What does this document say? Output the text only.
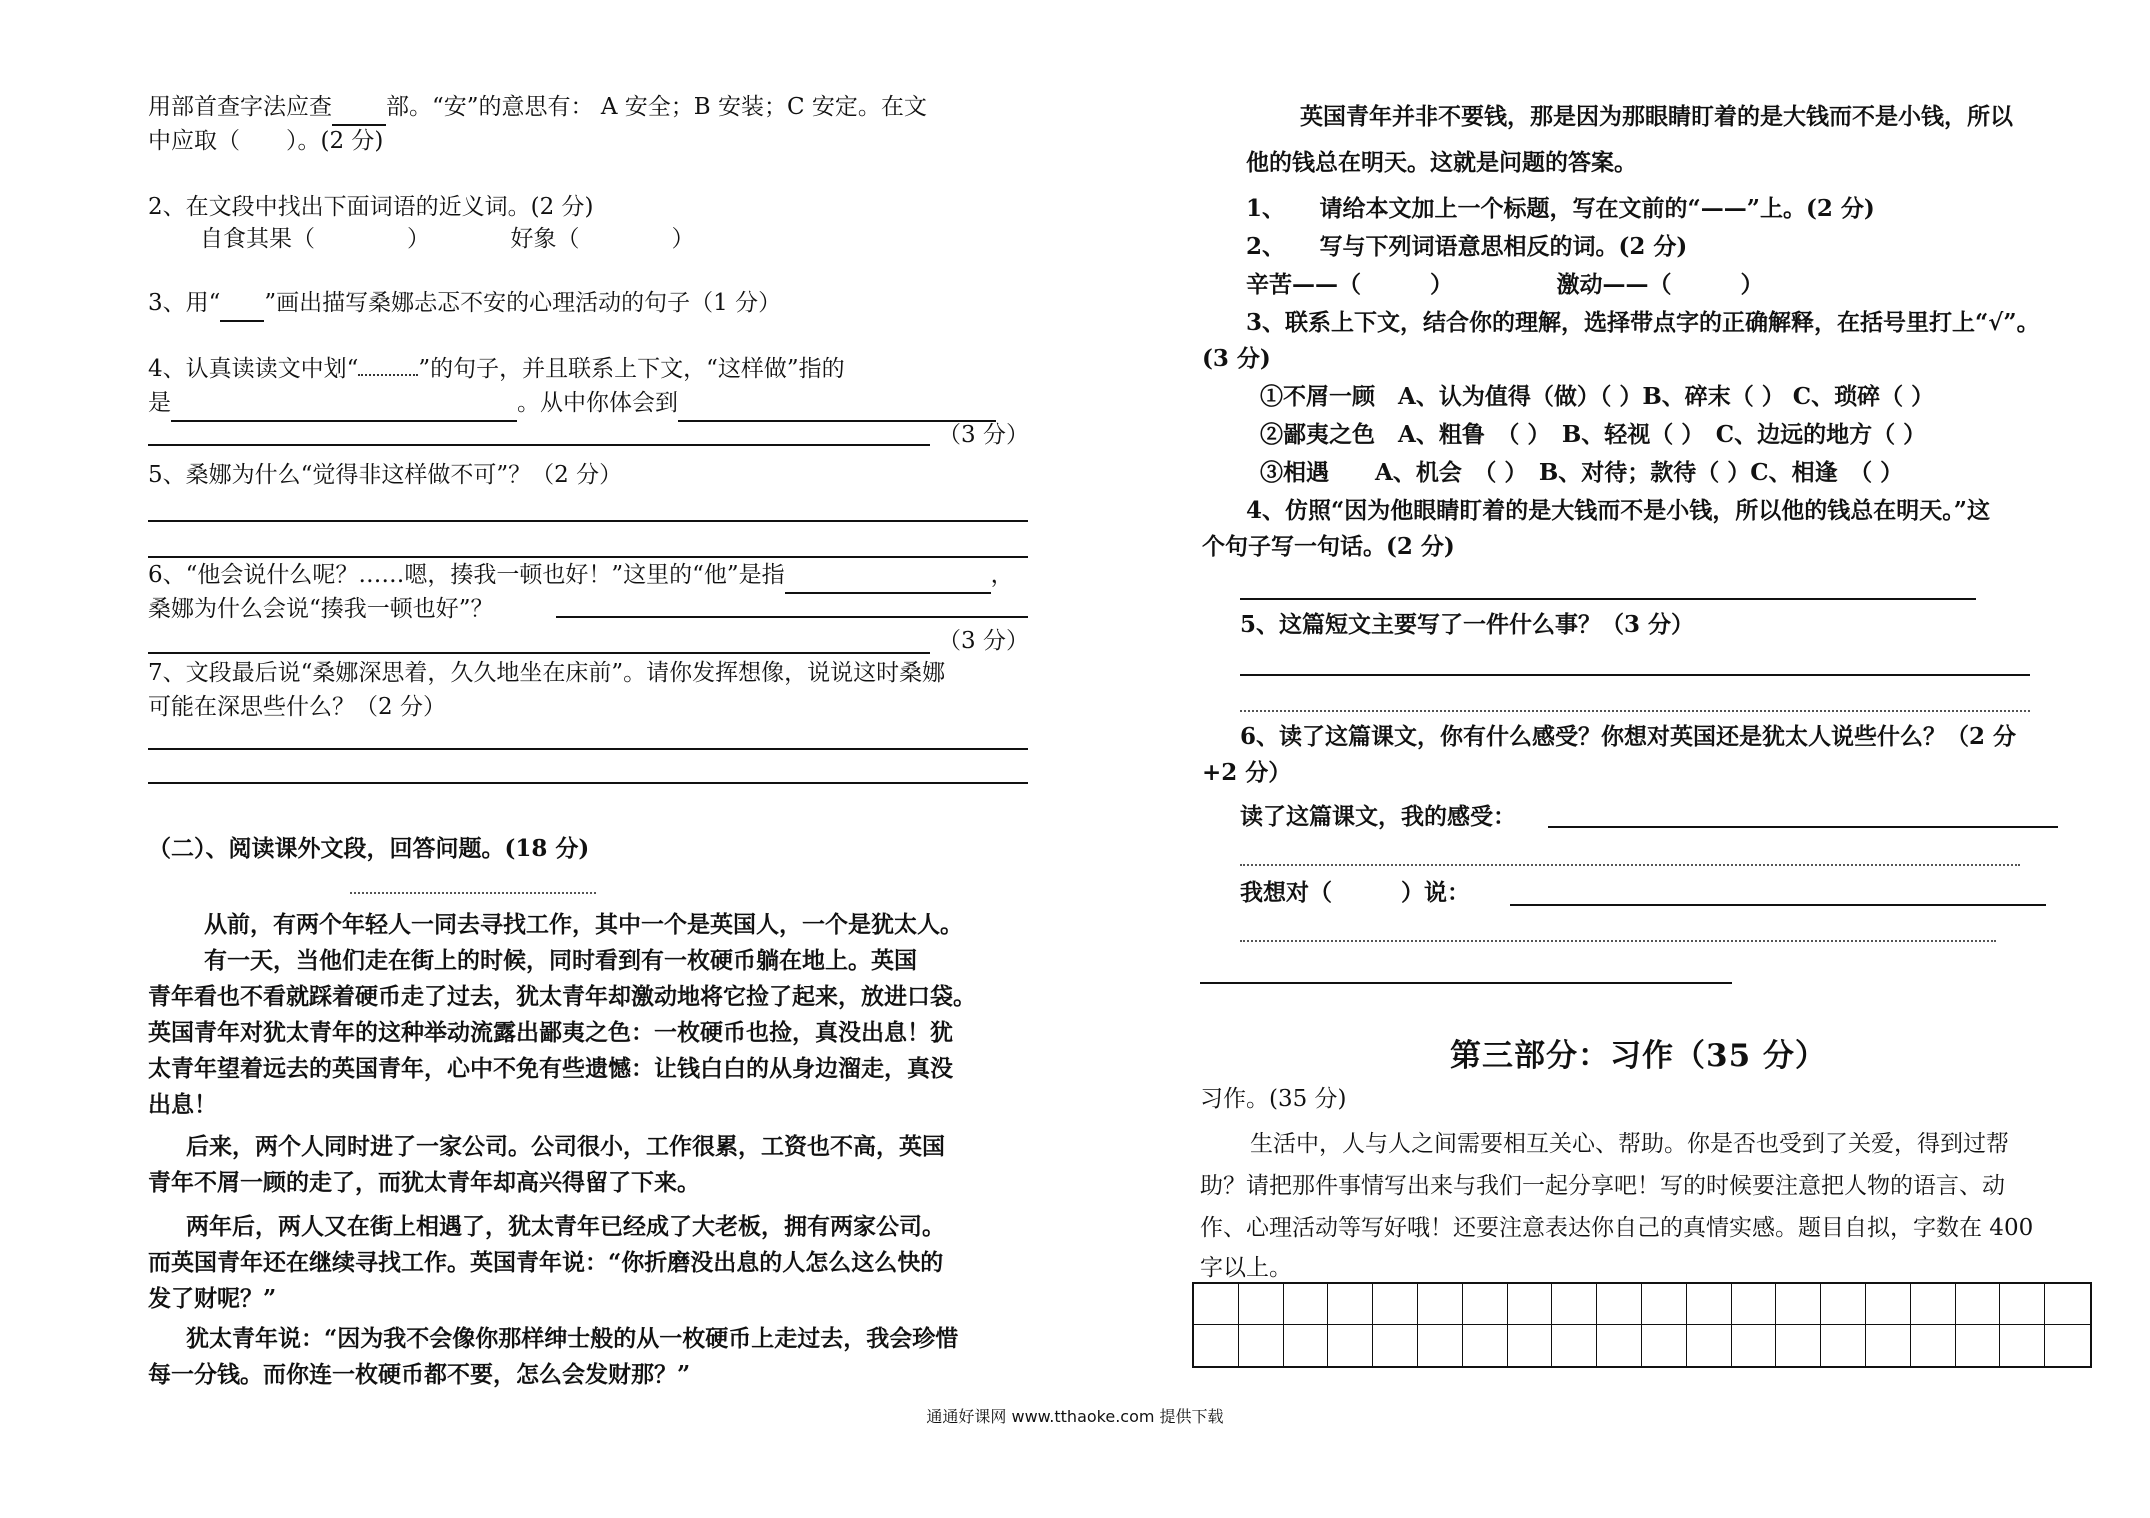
用部首查字法应查 部。“安”的意思有： A 安全；B 安装；C 安定。在文
中应取（　　）。(2 分)
2、在文段中找出下面词语的近义词。(2 分)
自食其果（　　　　）　　　　好象（　　　　）
3、用“ ”画出描写桑娜忐忑不安的心理活动的句子（1 分）
4、认真读读文中划“	”的句子，并且联系上下文，“这样做”指的
是	。从中你体会到
（3 分）
5、桑娜为什么“觉得非这样做不可”？（2 分）
6、“他会说什么呢？……嗯，揍我一顿也好！”这里的“他”是指	，
桑娜为什么会说“揍我一顿也好”？
（3 分）
7、文段最后说“桑娜深思着，久久地坐在床前”。请你发挥想像，说说这时桑娜
可能在深思些什么？（2 分）
（二）、阅读课外文段，回答问题。(18 分)
从前，有两个年轻人一同去寻找工作，其中一个是英国人，一个是犹太人。
有一天，当他们走在街上的时候，同时看到有一枚硬币躺在地上。英国
青年看也不看就踩着硬币走了过去，犹太青年却激动地将它捡了起来，放进口袋。
英国青年对犹太青年的这种举动流露出鄙夷之色：一枚硬币也捡，真没出息！犹
太青年望着远去的英国青年，心中不免有些遗憾：让钱白白的从身边溜走，真没
出息！
后来，两个人同时进了一家公司。公司很小，工作很累，工资也不高，英国
青年不屑一顾的走了，而犹太青年却高兴得留了下来。
两年后，两人又在街上相遇了，犹太青年已经成了大老板，拥有两家公司。
而英国青年还在继续寻找工作。英国青年说：“你折磨没出息的人怎么这么快的
发了财呢？”
犹太青年说：“因为我不会像你那样绅士般的从一枚硬币上走过去，我会珍惜
每一分钱。而你连一枚硬币都不要，怎么会发财那？”
英国青年并非不要钱，那是因为那眼睛盯着的是大钱而不是小钱，所以
他的钱总在明天。这就是问题的答案。
1、　　请给本文加上一个标题，写在文前的“——”上。(2 分)
2、　　写与下列词语意思相反的词。(2 分)
辛苦——（　　　）　　　　　激动——（　　　）
3、联系上下文，结合你的理解，选择带点字的正确解释，在括号里打上“√”。
(3 分)
①不屑一顾　A、认为值得（做）（ ）B、碎末（ ） C、琐碎（ ）
②鄙夷之色　A、粗鲁　（ ）　B、轻视（ ）　C、边远的地方（ ）
③相遇　　A、机会　（ ）　B、对待；款待（ ）C、相逢　（ ）
4、仿照“因为他眼睛盯着的是大钱而不是小钱，所以他的钱总在明天。”这
个句子写一句话。(2 分)
5、这篇短文主要写了一件什么事？（3 分）
6、读了这篇课文，你有什么感受？你想对英国还是犹太人说些什么？（2 分
+2 分）
读了这篇课文，我的感受：
我想对（　　　）说：
第三部分：习作（35 分）
习作。(35 分)
生活中，人与人之间需要相互关心、帮助。你是否也受到了关爱，得到过帮
助？请把那件事情写出来与我们一起分享吧！写的时候要注意把人物的语言、动
作、心理活动等写好哦！还要注意表达你自己的真情实感。题目自拟，字数在 400
字以上。
通通好课网 www.tthaoke.com 提供下载
